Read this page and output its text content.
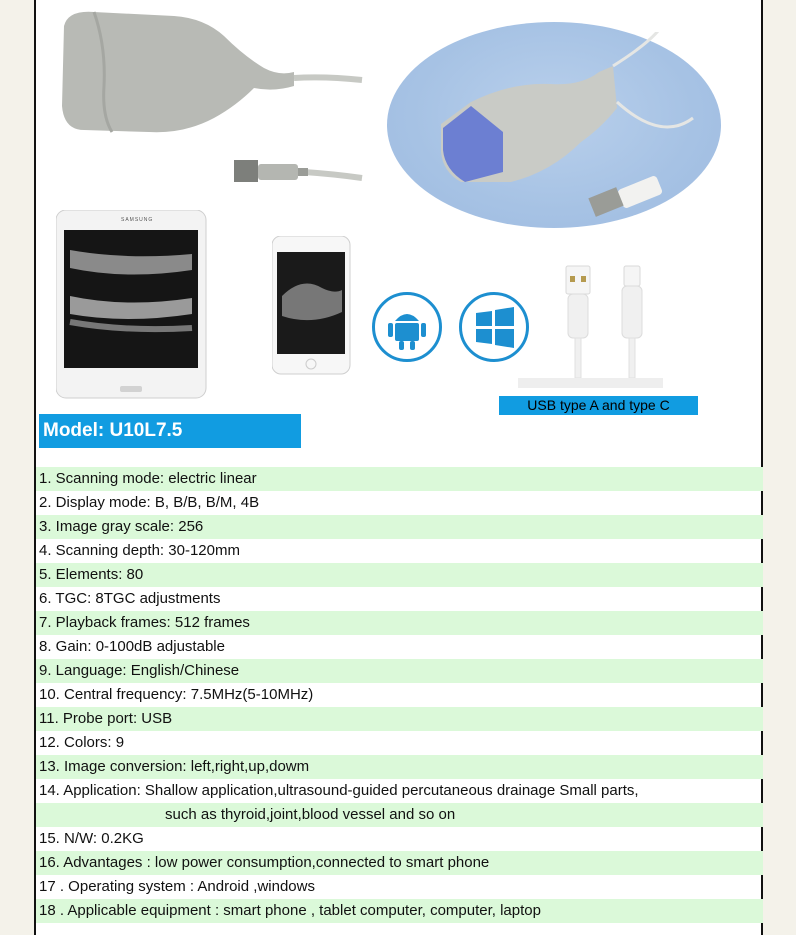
SAMSUNG
USB type A and type C
Model: U10L7.5
1. Scanning mode: electric linear
2. Display mode: B, B/B, B/M, 4B
3. Image gray scale: 256
4. Scanning depth: 30-120mm
5. Elements: 80
6. TGC: 8TGC adjustments
7. Playback frames: 512 frames
8. Gain: 0-100dB adjustable
9. Language: English/Chinese
10. Central frequency: 7.5MHz(5-10MHz)
11. Probe port: USB
12. Colors: 9
13. Image conversion: left,right,up,dowm
14. Application: Shallow application,ultrasound-guided percutaneous drainage Small parts,
such as thyroid,joint,blood vessel and so on
15. N/W: 0.2KG
16. Advantages : low power consumption,connected to smart phone
17 . Operating system : Android ,windows
18 . Applicable equipment : smart phone , tablet computer, computer, laptop
